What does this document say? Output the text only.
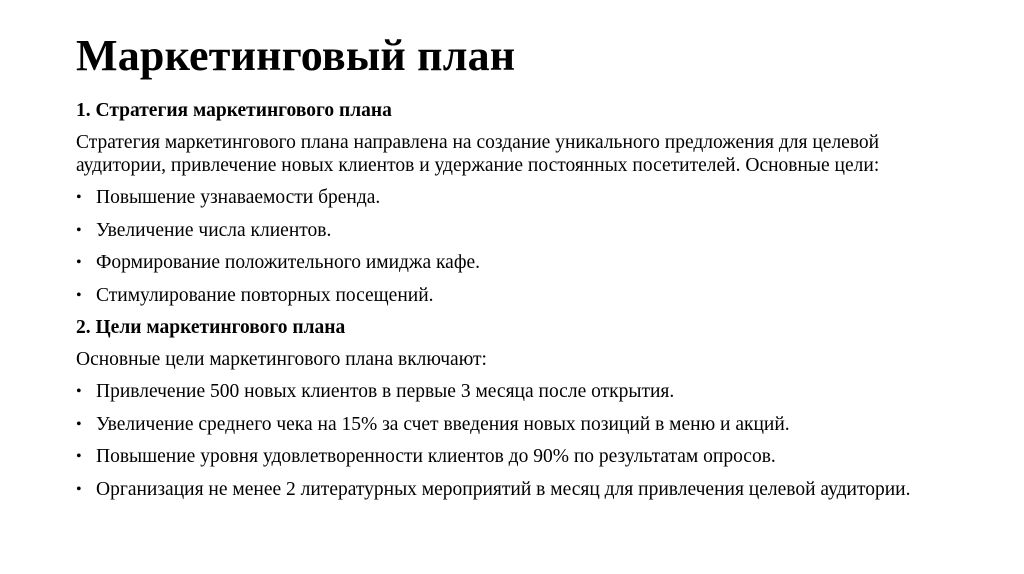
Маркетинговый план
1. Стратегия маркетингового плана
Стратегия маркетингового плана направлена на создание уникального предложения для целевой аудитории, привлечение новых клиентов и удержание постоянных посетителей. Основные цели:
• Повышение узнаваемости бренда.
• Увеличение числа клиентов.
• Формирование положительного имиджа кафе.
• Стимулирование повторных посещений.
2. Цели маркетингового плана
Основные цели маркетингового плана включают:
• Привлечение 500 новых клиентов в первые 3 месяца после открытия.
• Увеличение среднего чека на 15% за счет введения новых позиций в меню и акций.
• Повышение уровня удовлетворенности клиентов до 90% по результатам опросов.
• Организация не менее 2 литературных мероприятий в месяц для привлечения целевой аудитории.
